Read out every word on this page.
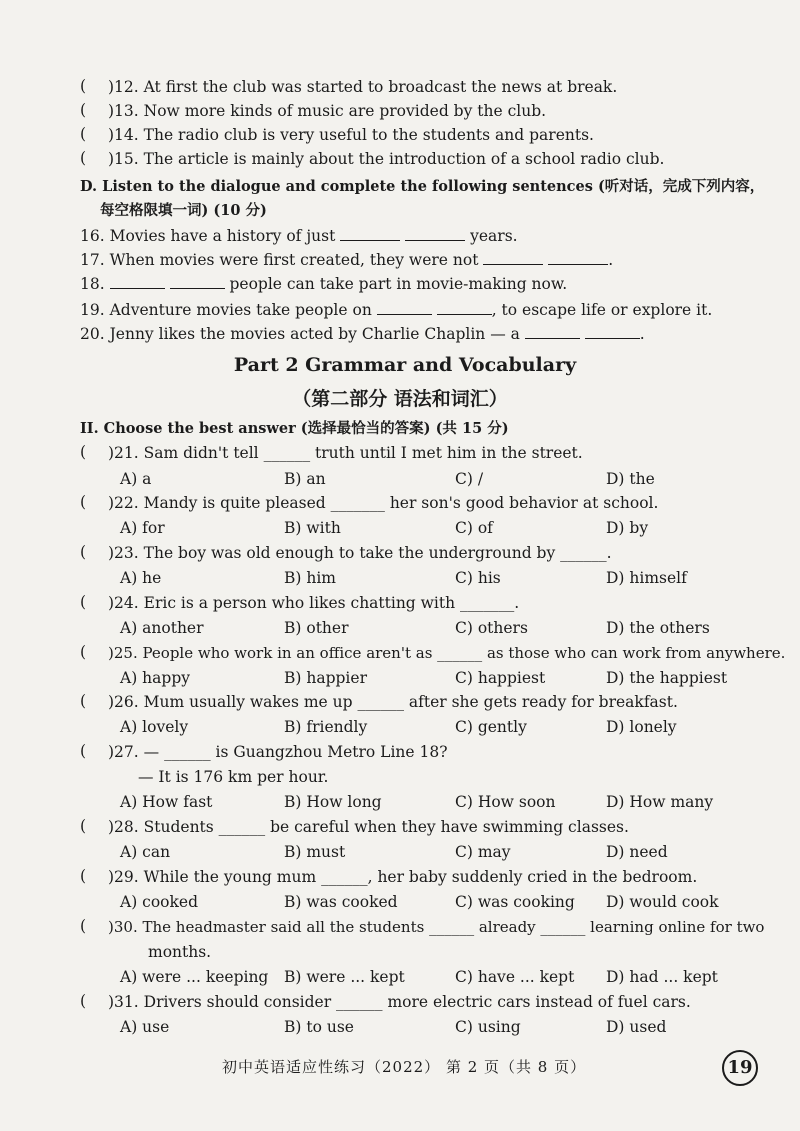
( )12. At first the club was started to broadcast the news at break.
( )13. Now more kinds of music are provided by the club.
( )14. The radio club is very useful to the students and parents.
( )15. The article is mainly about the introduction of a school radio club.
D. Listen to the dialogue and complete the following sentences (听对话，完成下列内容，
每空格限填一词) (10 分)
16. Movies have a history of just	years.
17. When movies were first created, they were not	.
18.	people can take part in movie-making now.
19. Adventure movies take people on	, to escape life or explore it.
20. Jenny likes the movies acted by Charlie Chaplin — a	.
Part 2 Grammar and Vocabulary
（第二部分 语法和词汇）
II. Choose the best answer (选择最恰当的答案) (共 15 分)
( )21. Sam didn't tell ______ truth until I met him in the street.
A) a	B) an	C) /	D) the
( )22. Mandy is quite pleased _______ her son's good behavior at school.
A) for	B) with	C) of	D) by
( )23. The boy was old enough to take the underground by ______.
A) he	B) him	C) his	D) himself
( )24. Eric is a person who likes chatting with _______.
A) another	B) other	C) others	D) the others
( )25. People who work in an office aren't as ______ as those who can work from anywhere.
A) happy	B) happier	C) happiest	D) the happiest
( )26. Mum usually wakes me up ______ after she gets ready for breakfast.
A) lovely	B) friendly	C) gently	D) lonely
( )27. — ______ is Guangzhou Metro Line 18?
— It is 176 km per hour.
A) How fast	B) How long	C) How soon	D) How many
( )28. Students ______ be careful when they have swimming classes.
A) can	B) must	C) may	D) need
( )29. While the young mum ______, her baby suddenly cried in the bedroom.
A) cooked	B) was cooked	C) was cooking D) would cook
( )30. The headmaster said all the students ______ already ______ learning online for two
months.
A) were ... keeping B) were ... kept	C) have ... kept D) had ... kept
( )31. Drivers should consider ______ more electric cars instead of fuel cars.
A) use	B) to use	C) using	D) used
初中英语适应性练习（2022） 第 2 页（共 8 页）	19
